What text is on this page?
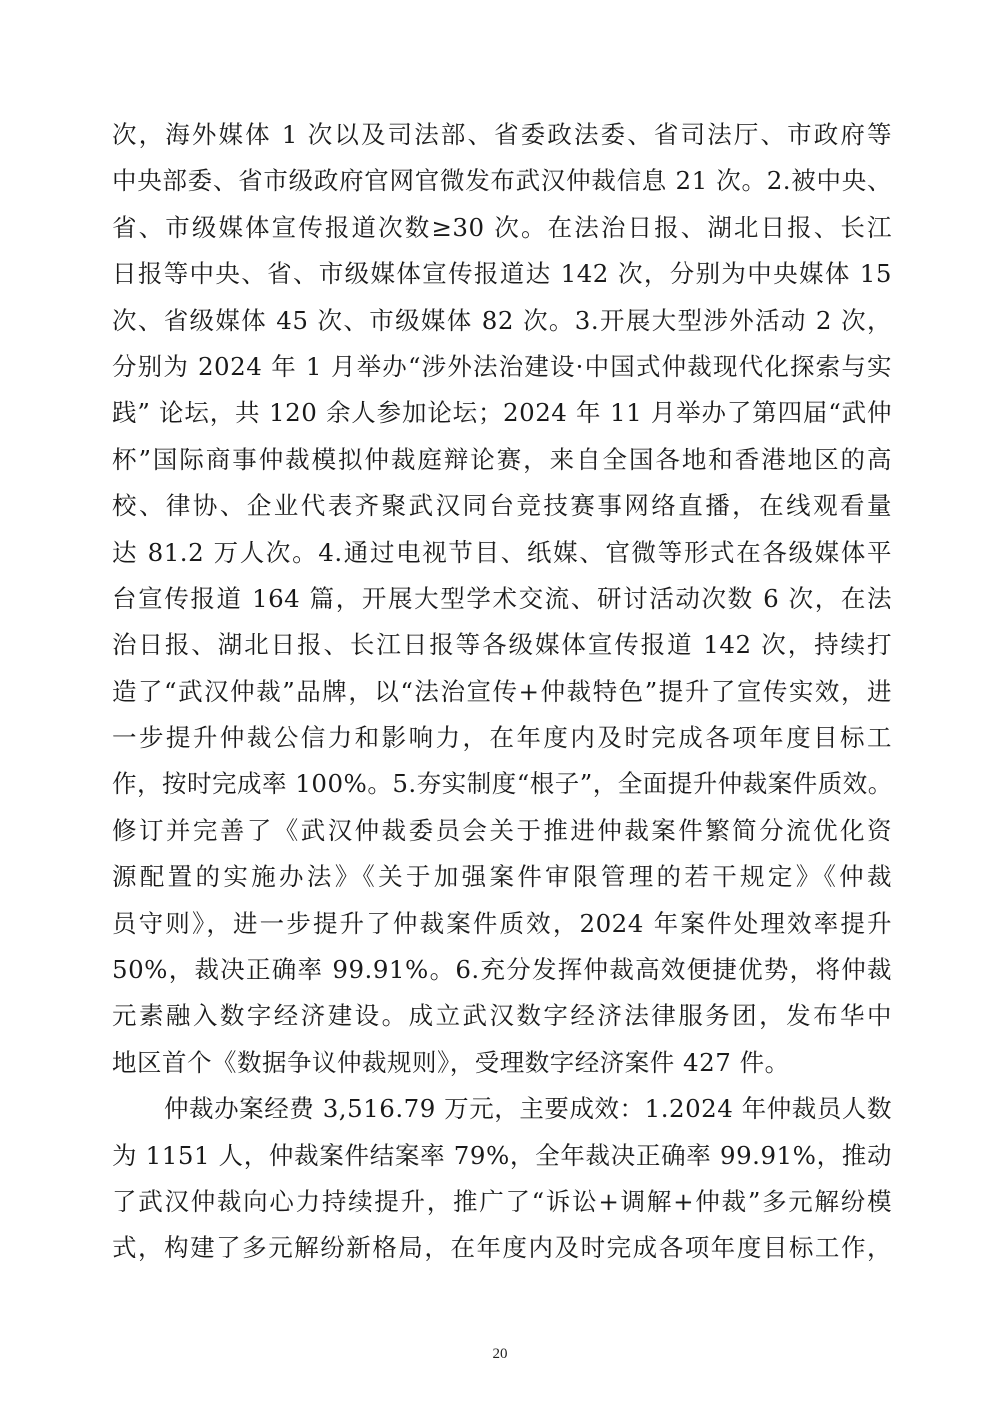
次，海外媒体 1 次以及司法部、省委政法委、省司法厅、市政府等
中央部委、省市级政府官网官微发布武汉仲裁信息 21 次。2.被中央、
省、市级媒体宣传报道次数≥30 次。在法治日报、湖北日报、长江
日报等中央、省、市级媒体宣传报道达 142 次，分别为中央媒体 15
次、省级媒体 45 次、市级媒体 82 次。3.开展大型涉外活动 2 次，
分别为 2024 年 1 月举办“涉外法治建设·中国式仲裁现代化探索与实
践” 论坛，共 120 余人参加论坛；2024 年 11 月举办了第四届“武仲
杯”国际商事仲裁模拟仲裁庭辩论赛，来自全国各地和香港地区的高
校、律协、企业代表齐聚武汉同台竞技赛事网络直播，在线观看量
达 81.2 万人次。4.通过电视节目、纸媒、官微等形式在各级媒体平
台宣传报道 164 篇，开展大型学术交流、研讨活动次数 6 次，在法
治日报、湖北日报、长江日报等各级媒体宣传报道 142 次，持续打
造了“武汉仲裁”品牌，以“法治宣传+仲裁特色”提升了宣传实效，进
一步提升仲裁公信力和影响力，在年度内及时完成各项年度目标工
作，按时完成率 100%。5.夯实制度“根子”，全面提升仲裁案件质效。
修订并完善了《武汉仲裁委员会关于推进仲裁案件繁简分流优化资
源配置的实施办法》《关于加强案件审限管理的若干规定》《仲裁
员守则》，进一步提升了仲裁案件质效，2024 年案件处理效率提升
50%，裁决正确率 99.91%。6.充分发挥仲裁高效便捷优势，将仲裁
元素融入数字经济建设。成立武汉数字经济法律服务团，发布华中
地区首个《数据争议仲裁规则》，受理数字经济案件 427 件。
仲裁办案经费 3,516.79 万元，主要成效：1.2024 年仲裁员人数
为 1151 人，仲裁案件结案率 79%，全年裁决正确率 99.91%，推动
了武汉仲裁向心力持续提升，推广了“诉讼+调解+仲裁”多元解纷模
式，构建了多元解纷新格局，在年度内及时完成各项年度目标工作，
20
